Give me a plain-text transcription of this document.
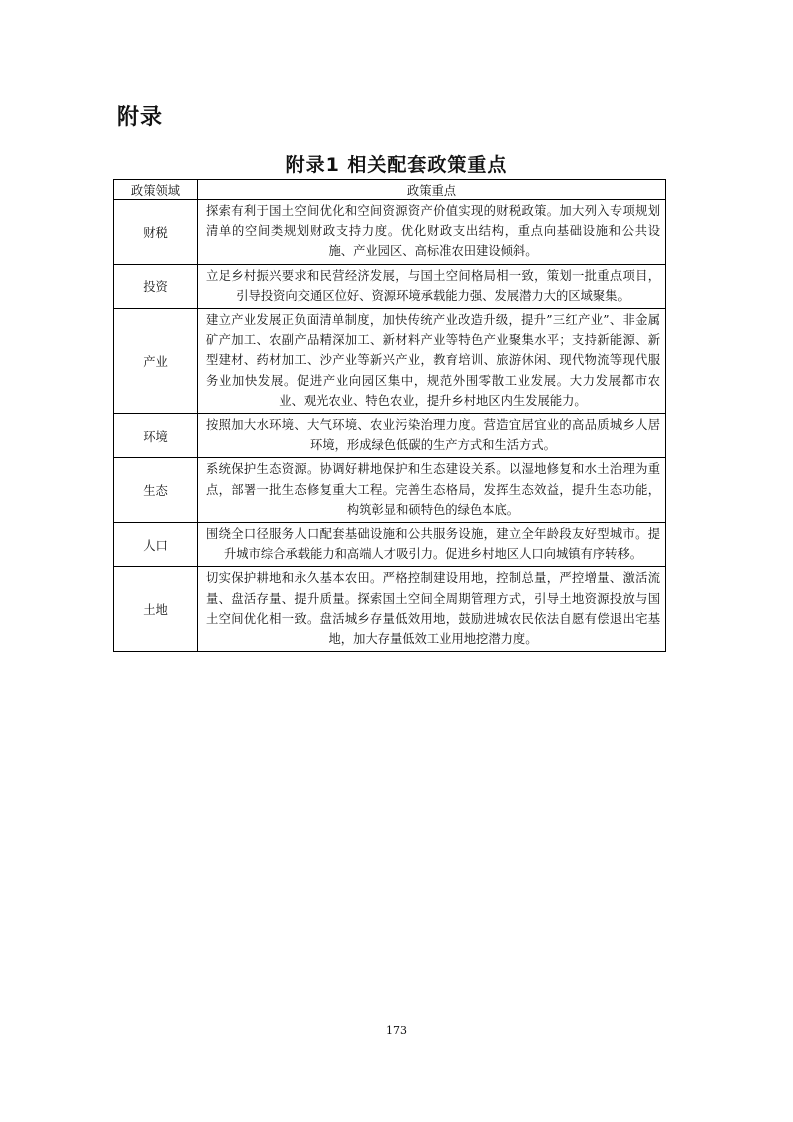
附录
附录1 相关配套政策重点
政策领域	政策重点
财税	探索有利于国土空间优化和空间资源资产价值实现的财税政策。加大列入专项规划清单的空间类规划财政支持力度。优化财政支出结构，重点向基础设施和公共设施、产业园区、高标准农田建设倾斜。
投资	立足乡村振兴要求和民营经济发展，与国土空间格局相一致，策划一批重点项目，引导投资向交通区位好、资源环境承载能力强、发展潜力大的区域聚集。
产业	建立产业发展正负面清单制度，加快传统产业改造升级，提升”三红产业”、非金属矿产加工、农副产品精深加工、新材料产业等特色产业聚集水平；支持新能源、新型建材、药材加工、沙产业等新兴产业，教育培训、旅游休闲、现代物流等现代服务业加快发展。促进产业向园区集中，规范外围零散工业发展。大力发展都市农业、观光农业、特色农业，提升乡村地区内生发展能力。
环境	按照加大水环境、大气环境、农业污染治理力度。营造宜居宜业的高品质城乡人居环境，形成绿色低碳的生产方式和生活方式。
生态	系统保护生态资源。协调好耕地保护和生态建设关系。以湿地修复和水土治理为重点，部署一批生态修复重大工程。完善生态格局，发挥生态效益，提升生态功能，构筑彰显和硕特色的绿色本底。
人口	围绕全口径服务人口配套基础设施和公共服务设施，建立全年龄段友好型城市。提升城市综合承载能力和高端人才吸引力。促进乡村地区人口向城镇有序转移。
土地	切实保护耕地和永久基本农田。严格控制建设用地，控制总量，严控增量、激活流量、盘活存量、提升质量。探索国土空间全周期管理方式，引导土地资源投放与国土空间优化相一致。盘活城乡存量低效用地，鼓励进城农民依法自愿有偿退出宅基地，加大存量低效工业用地挖潜力度。
173
